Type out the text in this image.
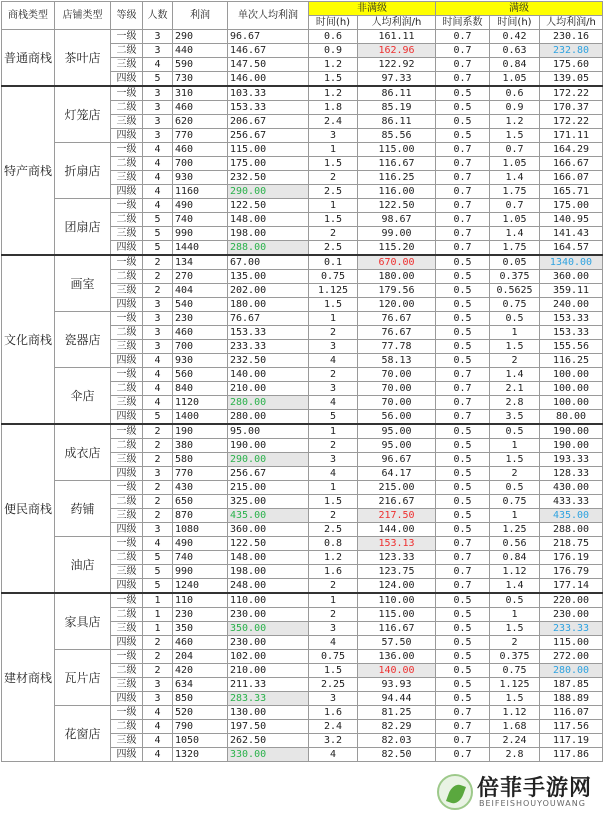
商栈类型	店铺类型	等级	人数	利润	单次人均利润	非满级		满级		
						时间(h)	人均利润/h	时间系数	时间(h)	人均利润/h
普通商栈	茶叶店	一级	3	290	96.67	0.6	161.11	0.7	0.42	230.16
		二级	3	440	146.67	0.9	162.96	0.7	0.63	232.80
		三级	4	590	147.50	1.2	122.92	0.7	0.84	175.60
		四级	5	730	146.00	1.5	97.33	0.7	1.05	139.05
特产商栈	灯笼店	一级	3	310	103.33	1.2	86.11	0.5	0.6	172.22
		二级	3	460	153.33	1.8	85.19	0.5	0.9	170.37
		三级	3	620	206.67	2.4	86.11	0.5	1.2	172.22
		四级	3	770	256.67	3	85.56	0.5	1.5	171.11
	折扇店	一级	4	460	115.00	1	115.00	0.7	0.7	164.29
		二级	4	700	175.00	1.5	116.67	0.7	1.05	166.67
		三级	4	930	232.50	2	116.25	0.7	1.4	166.07
		四级	4	1160	290.00	2.5	116.00	0.7	1.75	165.71
	团扇店	一级	4	490	122.50	1	122.50	0.7	0.7	175.00
		二级	5	740	148.00	1.5	98.67	0.7	1.05	140.95
		三级	5	990	198.00	2	99.00	0.7	1.4	141.43
		四级	5	1440	288.00	2.5	115.20	0.7	1.75	164.57
文化商栈	画室	一级	2	134	67.00	0.1	670.00	0.5	0.05	1340.00
		二级	2	270	135.00	0.75	180.00	0.5	0.375	360.00
		三级	2	404	202.00	1.125	179.56	0.5	0.5625	359.11
		四级	3	540	180.00	1.5	120.00	0.5	0.75	240.00
	瓷器店	一级	3	230	76.67	1	76.67	0.5	0.5	153.33
		二级	3	460	153.33	2	76.67	0.5	1	153.33
		三级	3	700	233.33	3	77.78	0.5	1.5	155.56
		四级	4	930	232.50	4	58.13	0.5	2	116.25
	伞店	一级	4	560	140.00	2	70.00	0.7	1.4	100.00
		二级	4	840	210.00	3	70.00	0.7	2.1	100.00
		三级	4	1120	280.00	4	70.00	0.7	2.8	100.00
		四级	5	1400	280.00	5	56.00	0.7	3.5	80.00
便民商栈	成衣店	一级	2	190	95.00	1	95.00	0.5	0.5	190.00
		二级	2	380	190.00	2	95.00	0.5	1	190.00
		三级	2	580	290.00	3	96.67	0.5	1.5	193.33
		四级	3	770	256.67	4	64.17	0.5	2	128.33
	药铺	一级	2	430	215.00	1	215.00	0.5	0.5	430.00
		二级	2	650	325.00	1.5	216.67	0.5	0.75	433.33
		三级	2	870	435.00	2	217.50	0.5	1	435.00
		四级	3	1080	360.00	2.5	144.00	0.5	1.25	288.00
	油店	一级	4	490	122.50	0.8	153.13	0.7	0.56	218.75
		二级	5	740	148.00	1.2	123.33	0.7	0.84	176.19
		三级	5	990	198.00	1.6	123.75	0.7	1.12	176.79
		四级	5	1240	248.00	2	124.00	0.7	1.4	177.14
建材商栈	家具店	一级	1	110	110.00	1	110.00	0.5	0.5	220.00
		二级	1	230	230.00	2	115.00	0.5	1	230.00
		三级	1	350	350.00	3	116.67	0.5	1.5	233.33
		四级	2	460	230.00	4	57.50	0.5	2	115.00
	瓦片店	一级	2	204	102.00	0.75	136.00	0.5	0.375	272.00
		二级	2	420	210.00	1.5	140.00	0.5	0.75	280.00
		三级	3	634	211.33	2.25	93.93	0.5	1.125	187.85
		四级	3	850	283.33	3	94.44	0.5	1.5	188.89
	花窗店	一级	4	520	130.00	1.6	81.25	0.7	1.12	116.07
		二级	4	790	197.50	2.4	82.29	0.7	1.68	117.56
		三级	4	1050	262.50	3.2	82.03	0.7	2.24	117.19
		四级	4	1320	330.00	4	82.50	0.7	2.8	117.86
倍菲手游网
BEIFEISHOUYOUWANG
